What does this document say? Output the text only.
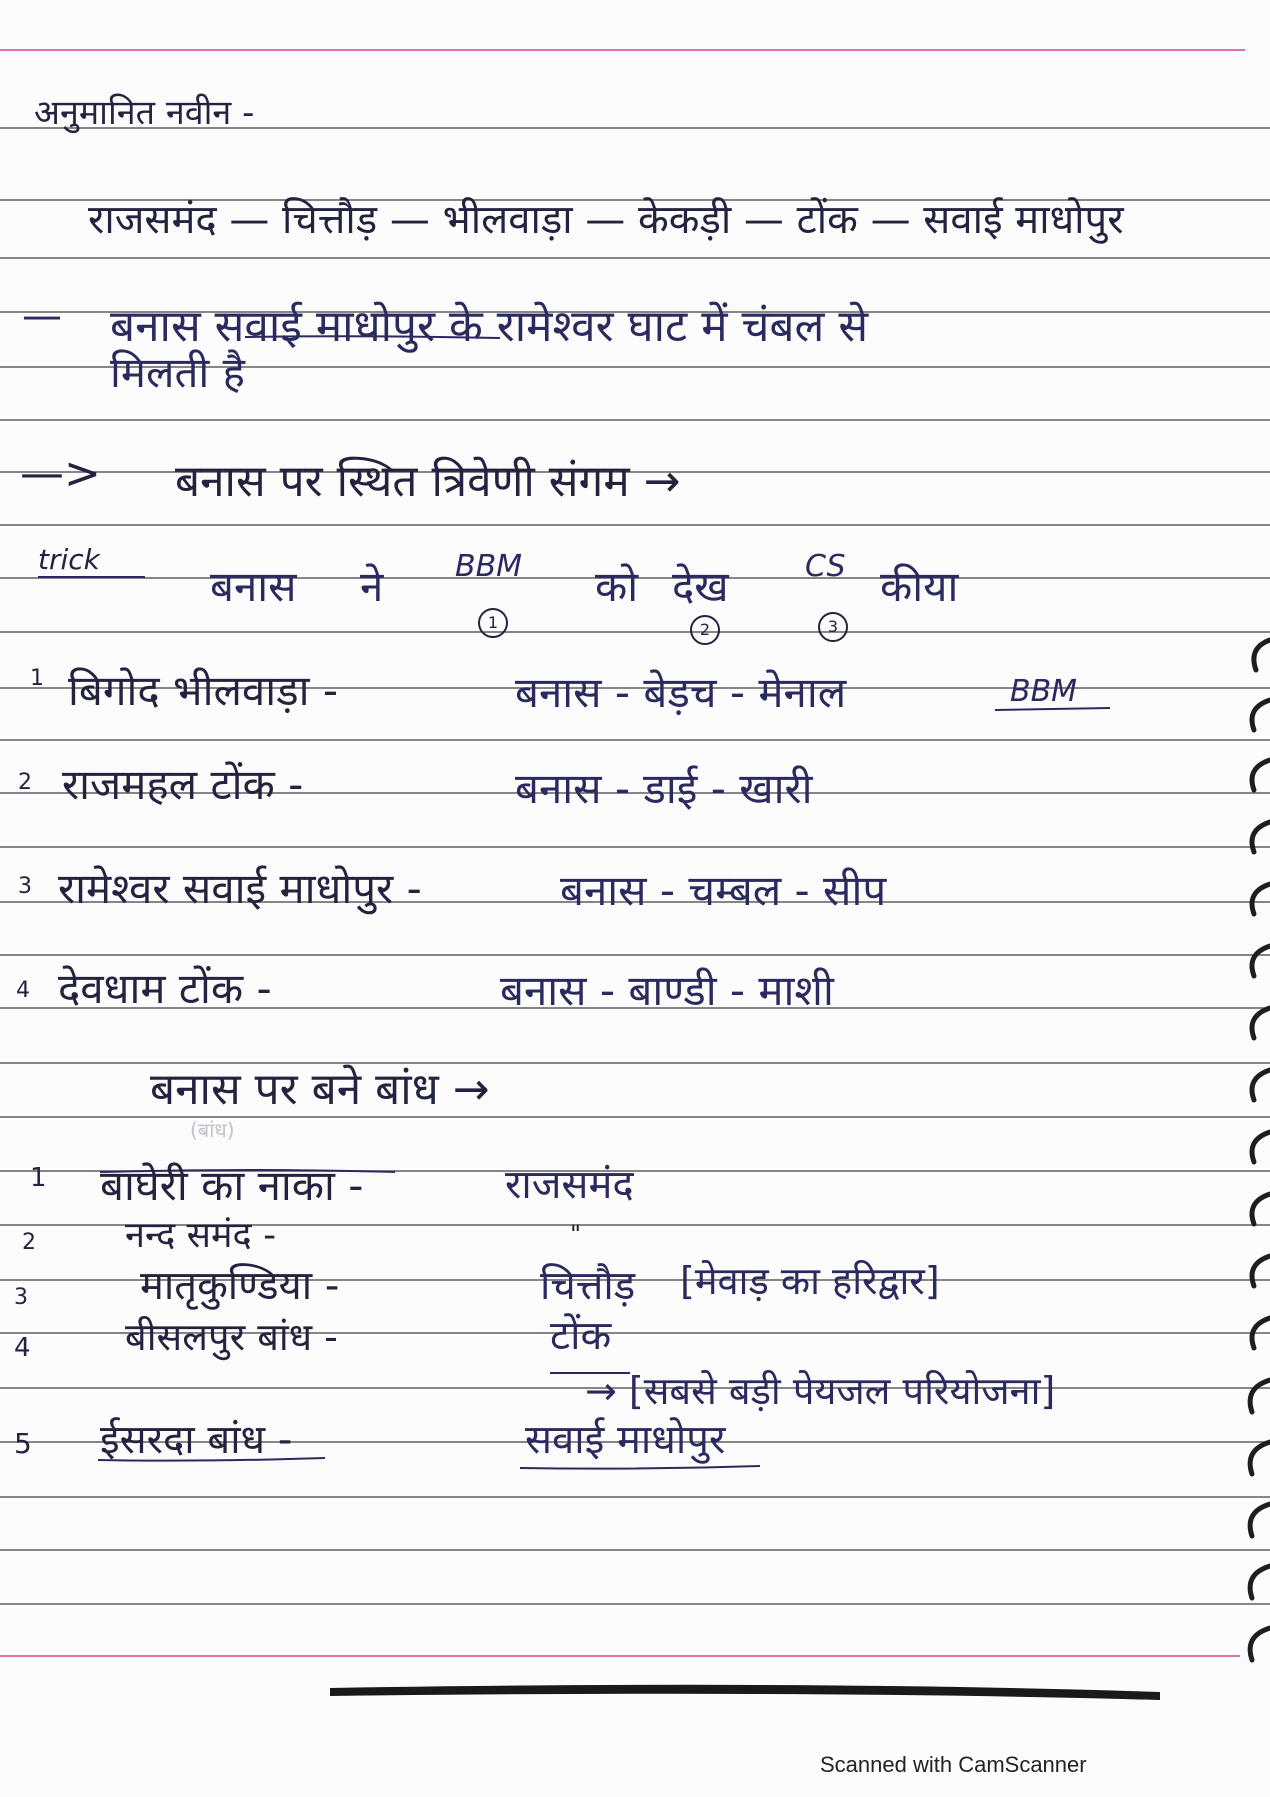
अनुमानित नवीन -
राजसमंद — चित्तौड़ — भीलवाड़ा — केकड़ी — टोंक — सवाई माधोपुर
— बनास सवाई माधोपुर के रामेश्वर घाट में चंबल से
मिलती है
—> बनास पर स्थित त्रिवेणी संगम →
trick
बनास ने BBM को देख	CS कीया
1	2	3
1 बिगोद भीलवाड़ा -	बनास - बेड़च - मेनाल	BBM
2 राजमहल टोंक -	बनास - डाई - खारी
3 रामेश्वर सवाई माधोपुर -	बनास - चम्बल - सीप
4 देवधाम टोंक -	बनास - बाण्डी - माशी
बनास पर बने बांध →
(बांध)
1 बाघेरी का नाका -	राजसमंद
2 नन्द समंद -	"
3	मातृकुण्डिया -	चित्तौड़ [मेवाड़ का हरिद्वार]
4 बीसलपुर बांध -	टोंक
→ [सबसे बड़ी पेयजल परियोजना]
5 ईसरदा बांध -	सवाई माधोपुर
Scanned with CamScanner
